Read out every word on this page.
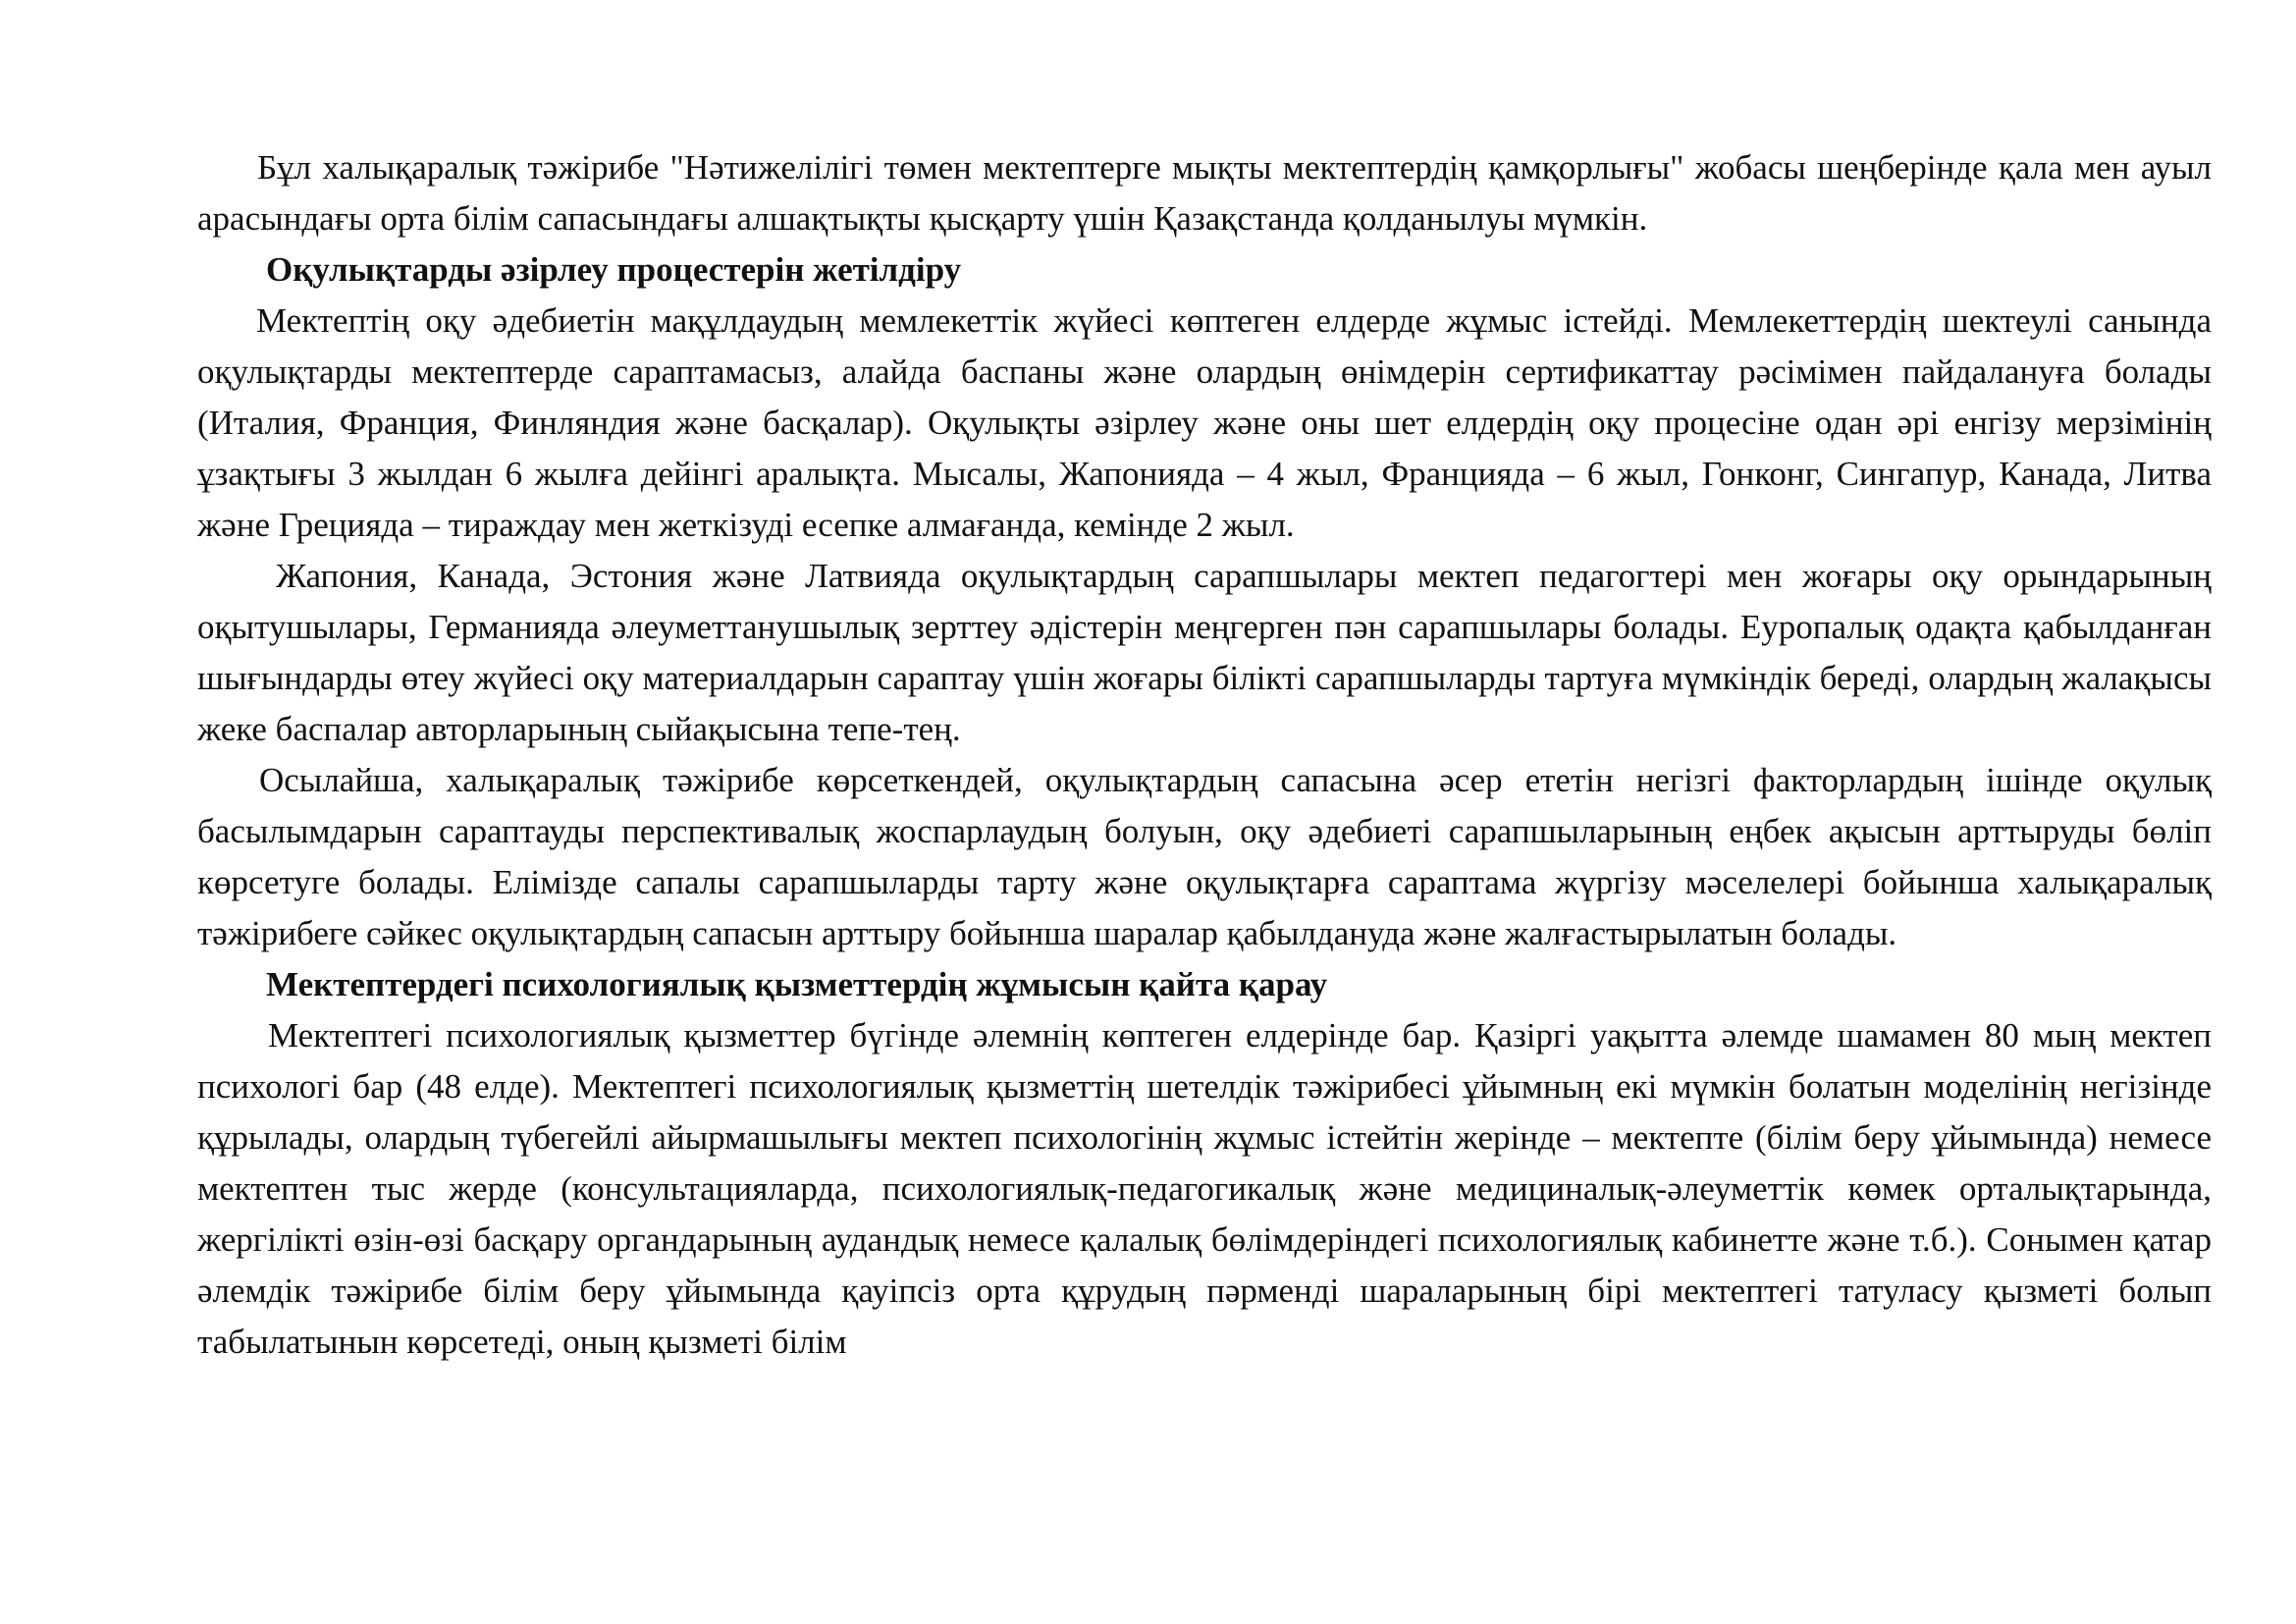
Бұл халықаралық тәжірибе "Нәтижелілігі төмен мектептерге мықты мектептердің қамқорлығы" жобасы шеңберінде қала мен ауыл арасындағы орта білім сапасындағы алшақтықты қысқарту үшін Қазақстанда қолданылуы мүмкін.

Оқулықтарды әзірлеу процестерін жетілдіру

Мектептің оқу әдебиетін мақұлдаудың мемлекеттік жүйесі көптеген елдерде жұмыс істейді. Мемлекеттердің шектеулі санында оқулықтарды мектептерде сараптамасыз, алайда баспаны және олардың өнімдерін сертификаттау рәсімімен пайдалануға болады (Италия, Франция, Финляндия және басқалар). Оқулықты әзірлеу және оны шет елдердің оқу процесіне одан әрі енгізу мерзімінің ұзақтығы 3 жылдан 6 жылға дейінгі аралықта. Мысалы, Жапонияда – 4 жыл, Францияда – 6 жыл, Гонконг, Сингапур, Канада, Литва және Грецияда – тираждау мен жеткізуді есепке алмағанда, кемінде 2 жыл.

Жапония, Канада, Эстония және Латвияда оқулықтардың сарапшылары мектеп педагогтері мен жоғары оқу орындарының оқытушылары, Германияда әлеуметтанушылық зерттеу әдістерін меңгерген пән сарапшылары болады. Еуропалық одақта қабылданған шығындарды өтеу жүйесі оқу материалдарын сараптау үшін жоғары білікті сарапшыларды тартуға мүмкіндік береді, олардың жалақысы жеке баспалар авторларының сыйақысына тепе-тең.

Осылайша, халықаралық тәжірибе көрсеткендей, оқулықтардың сапасына әсер ететін негізгі факторлардың ішінде оқулық басылымдарын сараптауды перспективалық жоспарлаудың болуын, оқу әдебиеті сарапшыларының еңбек ақысын арттыруды бөліп көрсетуге болады. Елімізде сапалы сарапшыларды тарту және оқулықтарға сараптама жүргізу мәселелері бойынша халықаралық тәжірибеге сәйкес оқулықтардың сапасын арттыру бойынша шаралар қабылдануда және жалғастырылатын болады.

Мектептердегі психологиялық қызметтердің жұмысын қайта қарау

Мектептегі психологиялық қызметтер бүгінде әлемнің көптеген елдерінде бар. Қазіргі уақытта әлемде шамамен 80 мың мектеп психологі бар (48 елде). Мектептегі психологиялық қызметтің шетелдік тәжірибесі ұйымның екі мүмкін болатын моделінің негізінде құрылады, олардың түбегейлі айырмашылығы мектеп психологінің жұмыс істейтін жерінде – мектепте (білім беру ұйымында) немесе мектептен тыс жерде (консультацияларда, психологиялық-педагогикалық және медициналық-әлеуметтік көмек орталықтарында, жергілікті өзін-өзі басқару органдарының аудандық немесе қалалық бөлімдеріндегі психологиялық кабинетте және т.б.). Сонымен қатар әлемдік тәжірибе білім беру ұйымында қауіпсіз орта құрудың пәрменді шараларының бірі мектептегі татуласу қызметі болып табылатынын көрсетеді, оның қызметі білім
